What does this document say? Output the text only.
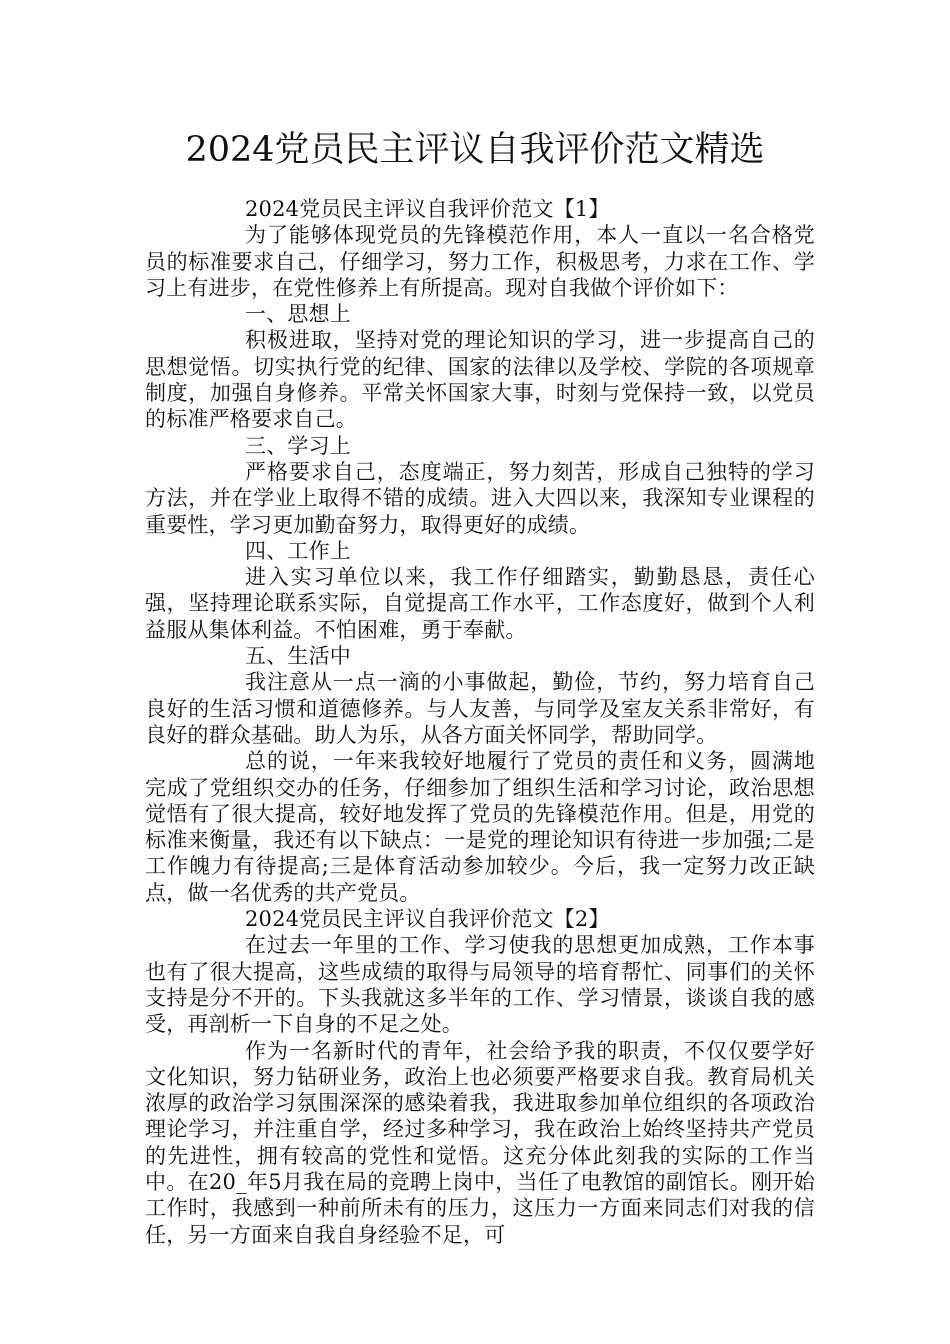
2024党员民主评议自我评价范文精选

2024党员民主评议自我评价范文【1】

为了能够体现党员的先锋模范作用，本人一直以一名合格党员的标准要求自己，仔细学习，努力工作，积极思考，力求在工作、学习上有进步，在党性修养上有所提高。现对自我做个评价如下：

一、思想上

积极进取，坚持对党的理论知识的学习，进一步提高自己的思想觉悟。切实执行党的纪律、国家的法律以及学校、学院的各项规章制度，加强自身修养。平常关怀国家大事，时刻与党保持一致，以党员的标准严格要求自己。

三、学习上

严格要求自己，态度端正，努力刻苦，形成自己独特的学习方法，并在学业上取得不错的成绩。进入大四以来，我深知专业课程的重要性，学习更加勤奋努力，取得更好的成绩。

四、工作上

进入实习单位以来，我工作仔细踏实，勤勤恳恳，责任心强，坚持理论联系实际，自觉提高工作水平，工作态度好，做到个人利益服从集体利益。不怕困难，勇于奉献。

五、生活中

我注意从一点一滴的小事做起，勤俭，节约，努力培育自己良好的生活习惯和道德修养。与人友善，与同学及室友关系非常好，有良好的群众基础。助人为乐，从各方面关怀同学，帮助同学。

总的说，一年来我较好地履行了党员的责任和义务，圆满地完成了党组织交办的任务，仔细参加了组织生活和学习讨论，政治思想觉悟有了很大提高，较好地发挥了党员的先锋模范作用。但是，用党的标准来衡量，我还有以下缺点：一是党的理论知识有待进一步加强;二是工作魄力有待提高;三是体育活动参加较少。今后，我一定努力改正缺点，做一名优秀的共产党员。

2024党员民主评议自我评价范文【2】

在过去一年里的工作、学习使我的思想更加成熟，工作本事也有了很大提高，这些成绩的取得与局领导的培育帮忙、同事们的关怀支持是分不开的。下头我就这多半年的工作、学习情景，谈谈自我的感受，再剖析一下自身的不足之处。

作为一名新时代的青年，社会给予我的职责，不仅仅要学好文化知识，努力钻研业务，政治上也必须要严格要求自我。教育局机关浓厚的政治学习氛围深深的感染着我，我进取参加单位组织的各项政治理论学习，并注重自学，经过多种学习，我在政治上始终坚持共产党员的先进性，拥有较高的党性和觉悟。这充分体此刻我的实际的工作当中。在20_年5月我在局的竞聘上岗中，当任了电教馆的副馆长。刚开始工作时，我感到一种前所未有的压力，这压力一方面来同志们对我的信任，另一方面来自我自身经验不足，可
